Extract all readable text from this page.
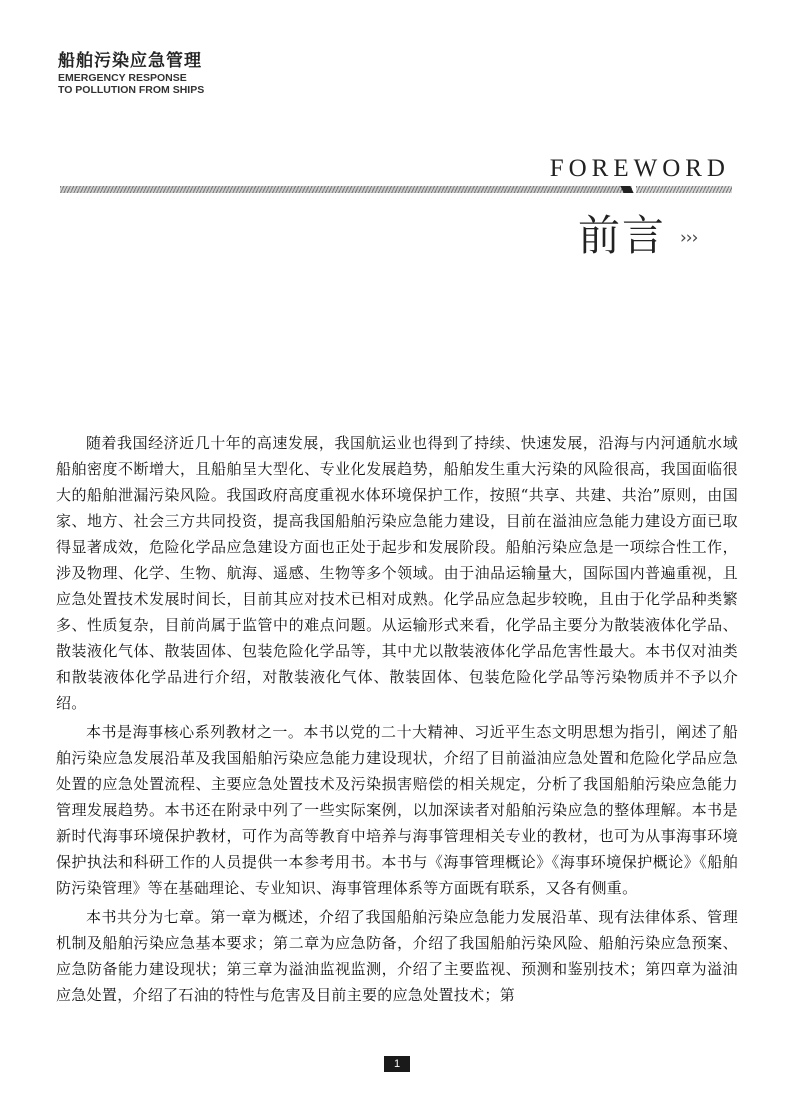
船舶污染应急管理
EMERGENCY RESPONSE
TO POLLUTION FROM SHIPS
FOREWORD
前言 ›››

随着我国经济近几十年的高速发展，我国航运业也得到了持续、快速发展，沿海与内河通航水域船舶密度不断增大，且船舶呈大型化、专业化发展趋势，船舶发生重大污染的风险很高，我国面临很大的船舶泄漏污染风险。我国政府高度重视水体环境保护工作，按照“共享、共建、共治”原则，由国家、地方、社会三方共同投资，提高我国船舶污染应急能力建设，目前在溢油应急能力建设方面已取得显著成效，危险化学品应急建设方面也正处于起步和发展阶段。船舶污染应急是一项综合性工作，涉及物理、化学、生物、航海、遥感、生物等多个领域。由于油品运输量大，国际国内普遍重视，且应急处置技术发展时间长，目前其应对技术已相对成熟。化学品应急起步较晚，且由于化学品种类繁多、性质复杂，目前尚属于监管中的难点问题。从运输形式来看，化学品主要分为散装液体化学品、散装液化气体、散装固体、包装危险化学品等，其中尤以散装液体化学品危害性最大。本书仅对油类和散装液体化学品进行介绍，对散装液化气体、散装固体、包装危险化学品等污染物质并不予以介绍。

本书是海事核心系列教材之一。本书以党的二十大精神、习近平生态文明思想为指引，阐述了船舶污染应急发展沿革及我国船舶污染应急能力建设现状，介绍了目前溢油应急处置和危险化学品应急处置的应急处置流程、主要应急处置技术及污染损害赔偿的相关规定，分析了我国船舶污染应急能力管理发展趋势。本书还在附录中列了一些实际案例，以加深读者对船舶污染应急的整体理解。本书是新时代海事环境保护教材，可作为高等教育中培养与海事管理相关专业的教材，也可为从事海事环境保护执法和科研工作的人员提供一本参考用书。本书与《海事管理概论》《海事环境保护概论》《船舶防污染管理》等在基础理论、专业知识、海事管理体系等方面既有联系，又各有侧重。

本书共分为七章。第一章为概述，介绍了我国船舶污染应急能力发展沿革、现有法律体系、管理机制及船舶污染应急基本要求；第二章为应急防备，介绍了我国船舶污染风险、船舶污染应急预案、应急防备能力建设现状；第三章为溢油监视监测，介绍了主要监视、预测和鉴别技术；第四章为溢油应急处置，介绍了石油的特性与危害及目前主要的应急处置技术；第

1
